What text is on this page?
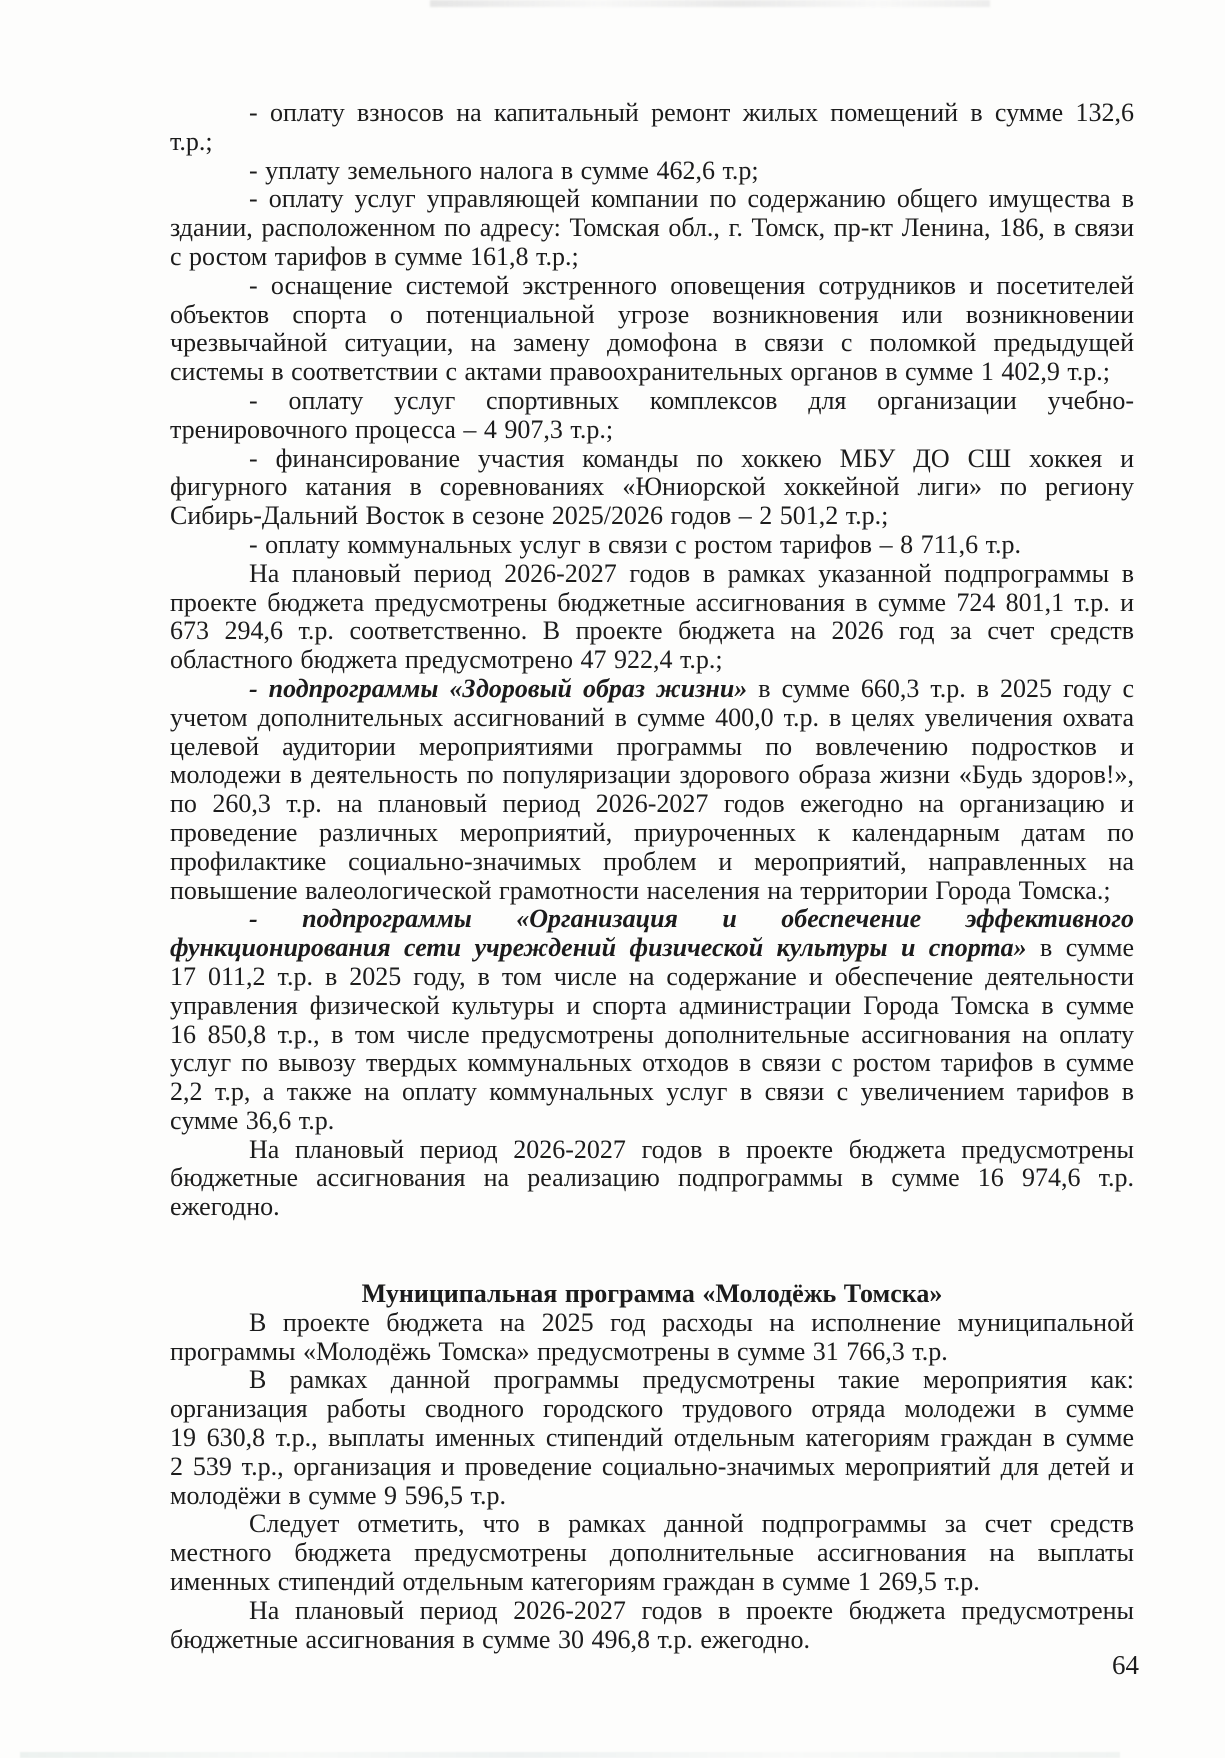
- оплату взносов на капитальный ремонт жилых помещений в сумме 132,6 т.р.;

- уплату земельного налога в сумме 462,6 т.р;

- оплату услуг управляющей компании по содержанию общего имущества в здании, расположенном по адресу: Томская обл., г. Томск, пр-кт Ленина, 186, в связи с ростом тарифов в сумме 161,8 т.р.;

- оснащение системой экстренного оповещения сотрудников и посетителей объектов спорта о потенциальной угрозе возникновения или возникновении чрезвычайной ситуации, на замену домофона в связи с поломкой предыдущей системы в соответствии с актами правоохранительных органов в сумме 1 402,9 т.р.;

- оплату услуг спортивных комплексов для организации учебно-тренировочного процесса – 4 907,3 т.р.;

- финансирование участия команды по хоккею МБУ ДО СШ хоккея и фигурного катания в соревнованиях «Юниорской хоккейной лиги» по региону Сибирь-Дальний Восток в сезоне 2025/2026 годов – 2 501,2 т.р.;

- оплату коммунальных услуг в связи с ростом тарифов – 8 711,6 т.р.

На плановый период 2026-2027 годов в рамках указанной подпрограммы в проекте бюджета предусмотрены бюджетные ассигнования в сумме 724 801,1 т.р. и 673 294,6 т.р. соответственно. В проекте бюджета на 2026 год за счет средств областного бюджета предусмотрено 47 922,4 т.р.;

- подпрограммы «Здоровый образ жизни» в сумме 660,3 т.р. в 2025 году с учетом дополнительных ассигнований в сумме 400,0 т.р. в целях увеличения охвата целевой аудитории мероприятиями программы по вовлечению подростков и молодежи в деятельность по популяризации здорового образа жизни «Будь здоров!», по 260,3 т.р. на плановый период 2026-2027 годов ежегодно на организацию и проведение различных мероприятий, приуроченных к календарным датам по профилактике социально-значимых проблем и мероприятий, направленных на повышение валеологической грамотности населения на территории Города Томска.;

- подпрограммы «Организация и обеспечение эффективного функционирования сети учреждений физической культуры и спорта» в сумме 17 011,2 т.р. в 2025 году, в том числе на содержание и обеспечение деятельности управления физической культуры и спорта администрации Города Томска в сумме 16 850,8 т.р., в том числе предусмотрены дополнительные ассигнования на оплату услуг по вывозу твердых коммунальных отходов в связи с ростом тарифов в сумме 2,2 т.р, а также на оплату коммунальных услуг в связи с увеличением тарифов в сумме 36,6 т.р.

На плановый период 2026-2027 годов в проекте бюджета предусмотрены бюджетные ассигнования на реализацию подпрограммы в сумме 16 974,6 т.р. ежегодно.

Муниципальная программа «Молодёжь Томска»

В проекте бюджета на 2025 год расходы на исполнение муниципальной программы «Молодёжь Томска» предусмотрены в сумме 31 766,3 т.р.

В рамках данной программы предусмотрены такие мероприятия как: организация работы сводного городского трудового отряда молодежи в сумме 19 630,8 т.р., выплаты именных стипендий отдельным категориям граждан в сумме 2 539 т.р., организация и проведение социально-значимых мероприятий для детей и молодёжи в сумме 9 596,5 т.р.

Следует отметить, что в рамках данной подпрограммы за счет средств местного бюджета предусмотрены дополнительные ассигнования на выплаты именных стипендий отдельным категориям граждан в сумме 1 269,5 т.р.

На плановый период 2026-2027 годов в проекте бюджета предусмотрены бюджетные ассигнования в сумме 30 496,8 т.р. ежегодно.

64
